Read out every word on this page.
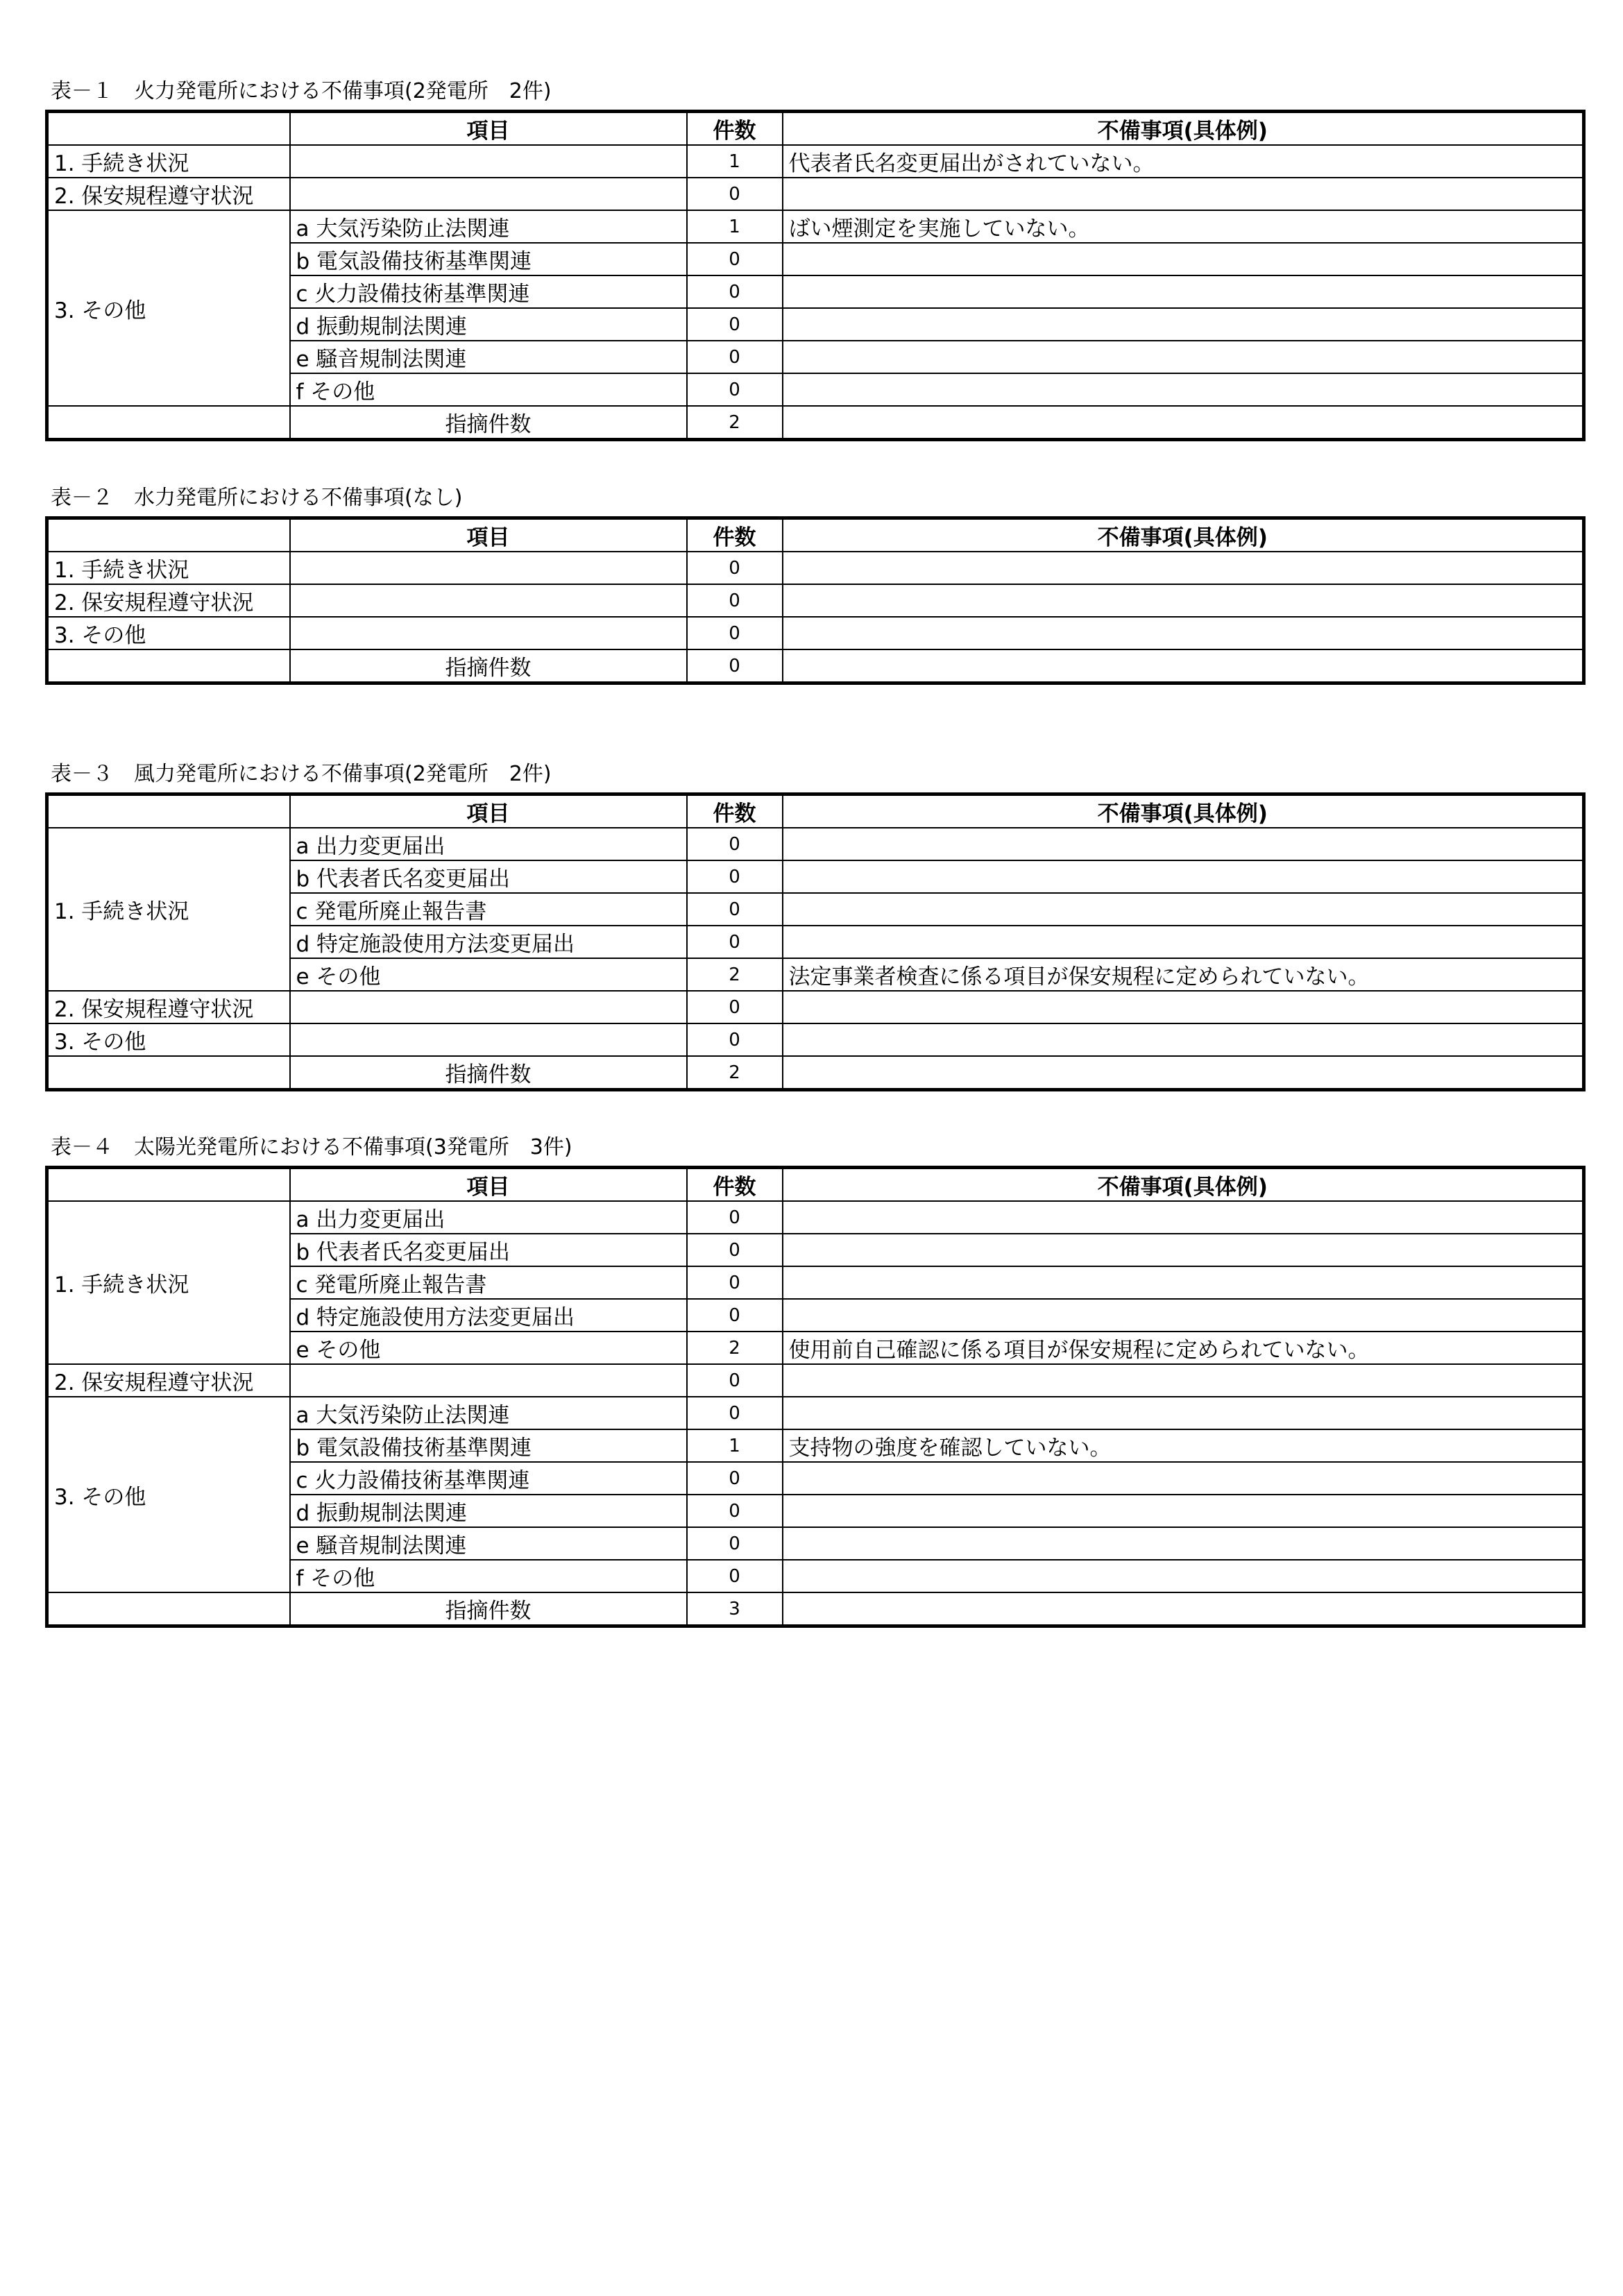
表－１　火力発電所における不備事項(2発電所　2件)
	項目	件数	不備事項(具体例)
1. 手続き状況		1	代表者氏名変更届出がされていない。
2. 保安規程遵守状況		0	
3. その他	a 大気汚染防止法関連	1	ばい煙測定を実施していない。
	b 電気設備技術基準関連	0	
	c 火力設備技術基準関連	0	
	d 振動規制法関連	0	
	e 騒音規制法関連	0	
	f その他	0	
	指摘件数	2	
表－２　水力発電所における不備事項(なし)
	項目	件数	不備事項(具体例)
1. 手続き状況		0	
2. 保安規程遵守状況		0	
3. その他		0	
	指摘件数	0	
表－３　風力発電所における不備事項(2発電所　2件)
	項目	件数	不備事項(具体例)
1. 手続き状況	a 出力変更届出	0	
	b 代表者氏名変更届出	0	
	c 発電所廃止報告書	0	
	d 特定施設使用方法変更届出	0	
	e その他	2	法定事業者検査に係る項目が保安規程に定められていない。
2. 保安規程遵守状況		0	
3. その他		0	
	指摘件数	2	
表－４　太陽光発電所における不備事項(3発電所　3件)
	項目	件数	不備事項(具体例)
1. 手続き状況	a 出力変更届出	0	
	b 代表者氏名変更届出	0	
	c 発電所廃止報告書	0	
	d 特定施設使用方法変更届出	0	
	e その他	2	使用前自己確認に係る項目が保安規程に定められていない。
2. 保安規程遵守状況		0	
3. その他	a 大気汚染防止法関連	0	
	b 電気設備技術基準関連	1	支持物の強度を確認していない。
	c 火力設備技術基準関連	0	
	d 振動規制法関連	0	
	e 騒音規制法関連	0	
	f その他	0	
	指摘件数	3	
